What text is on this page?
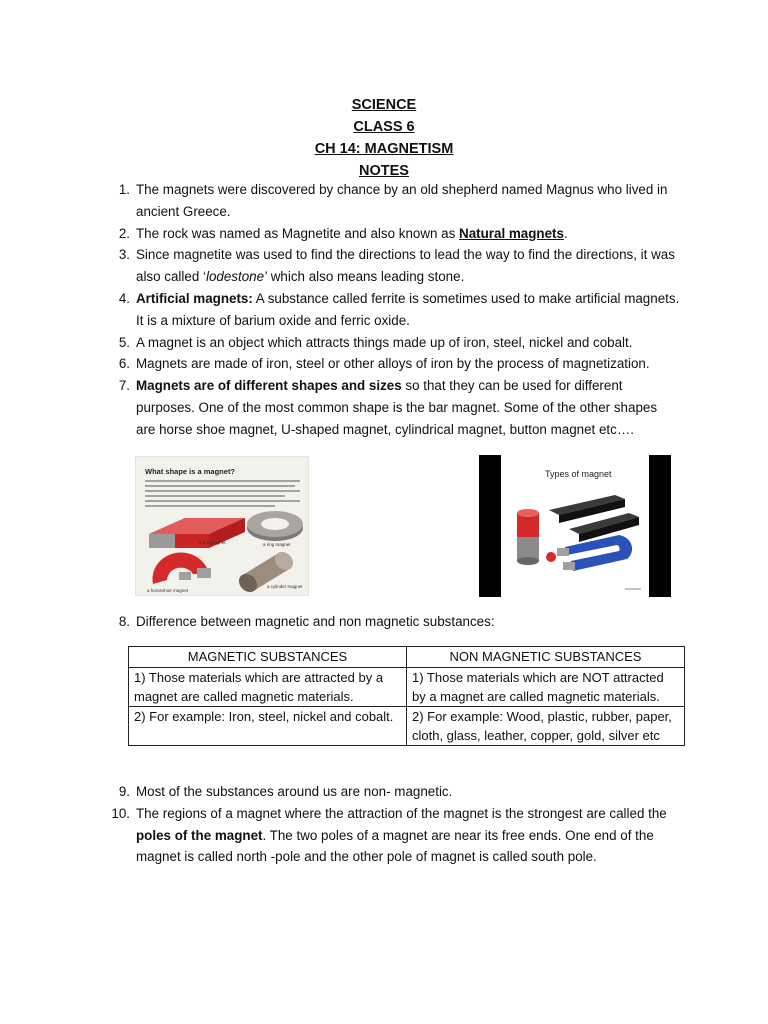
SCIENCE
CLASS 6
CH 14: MAGNETISM
NOTES
1. The magnets were discovered by chance by an old shepherd named Magnus who lived in ancient Greece.
2. The rock was named as Magnetite and also known as Natural magnets.
3. Since magnetite was used to find the directions to lead the way to find the directions, it was also called ‘lodestone’ which also means leading stone.
4. Artificial magnets: A substance called ferrite is sometimes used to make artificial magnets. It is a mixture of barium oxide and ferric oxide.
5. A magnet is an object which attracts things made up of iron, steel, nickel and cobalt.
6. Magnets are made of iron, steel or other alloys of iron by the process of magnetization.
7. Magnets are of different shapes and sizes so that they can be used for different purposes. One of the most common shape is the bar magnet. Some of the other shapes are horse shoe magnet, U-shaped magnet, cylindrical magnet, button magnet etc….
What shape is a magnet?
a bar magnet	a ring magnet
a horseshoe magnet
a cylinder magnet
Types of magnet
8. Difference between magnetic and non magnetic substances:
MAGNETIC SUBSTANCES	NON MAGNETIC SUBSTANCES
1) Those materials which are attracted by a magnet are called magnetic materials.	1) Those materials which are NOT attracted by a magnet are called magnetic materials.
2) For example: Iron, steel, nickel and cobalt.	2) For example: Wood, plastic, rubber, paper, cloth, glass, leather, copper, gold, silver etc
9. Most of the substances around us are non- magnetic.
10. The regions of a magnet where the attraction of the magnet is the strongest are called the poles of the magnet. The two poles of a magnet are near its free ends. One end of the magnet is called north -pole and the other pole of magnet is called south pole.
